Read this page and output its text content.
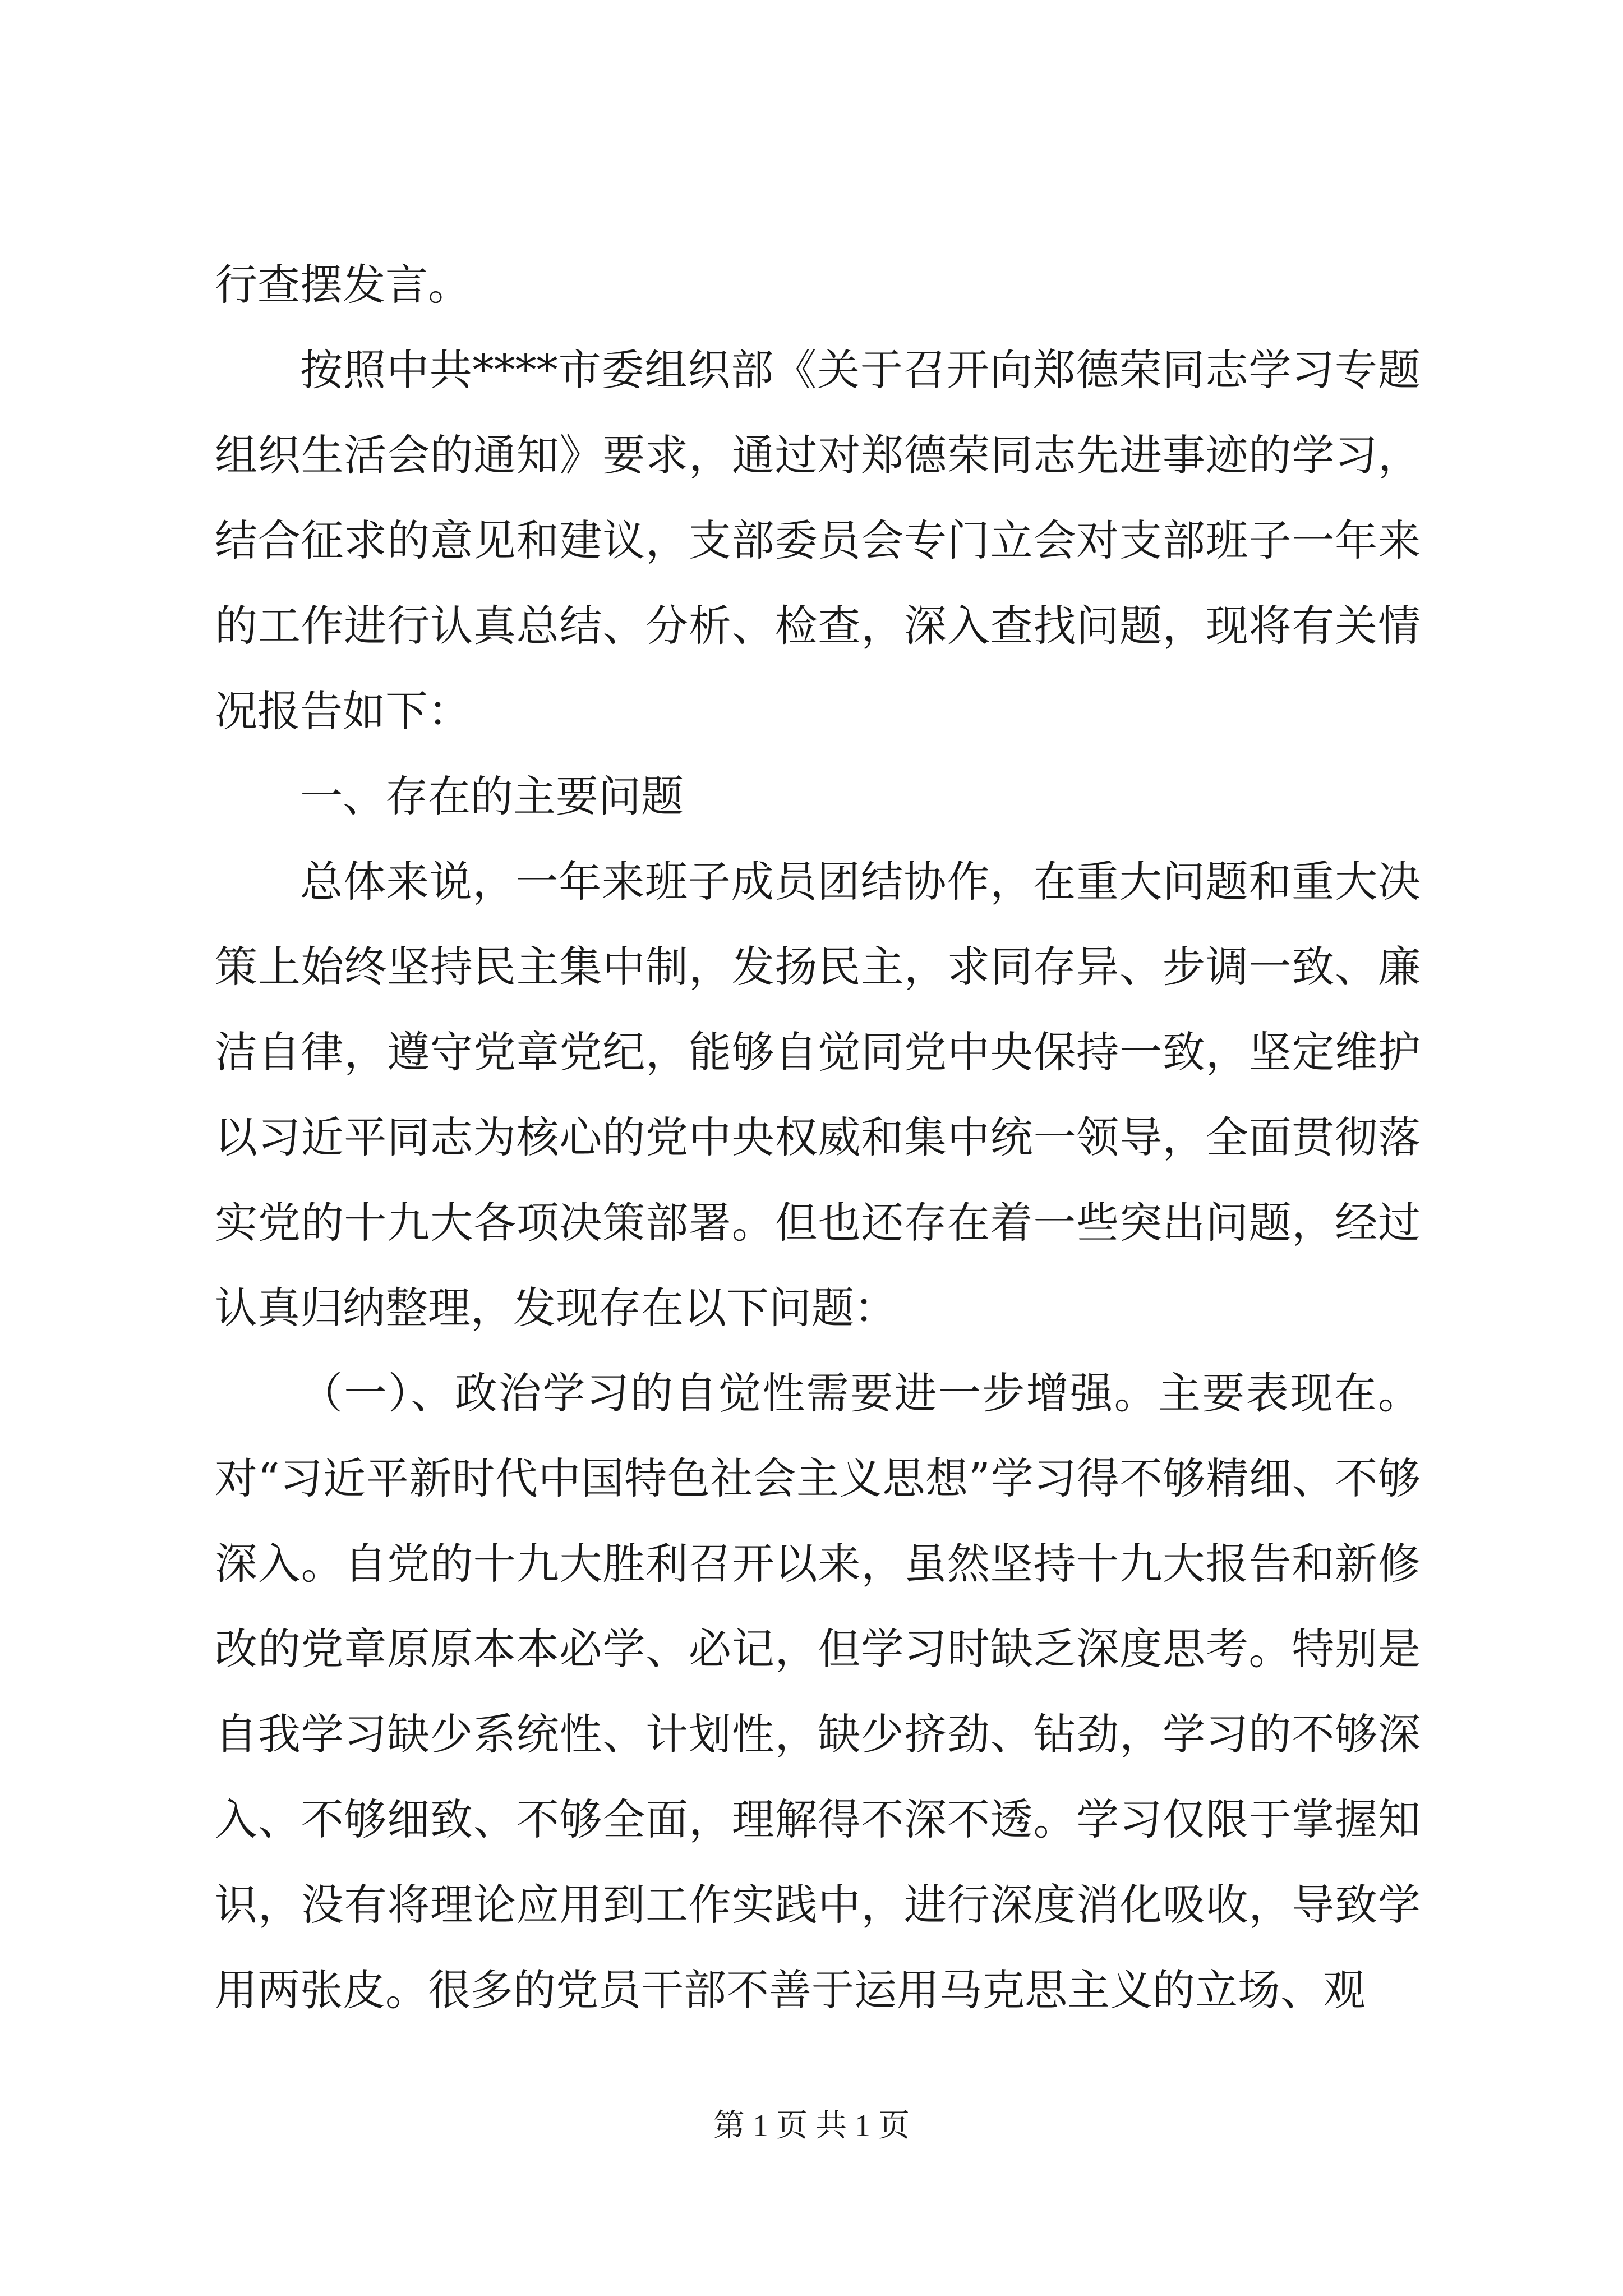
行查摆发言。

按照中共****市委组织部《关于召开向郑德荣同志学习专题组织生活会的通知》要求，通过对郑德荣同志先进事迹的学习，结合征求的意见和建议，支部委员会专门立会对支部班子一年来的工作进行认真总结、分析、检查，深入查找问题，现将有关情况报告如下：

一、存在的主要问题

总体来说，一年来班子成员团结协作，在重大问题和重大决策上始终坚持民主集中制，发扬民主，求同存异、步调一致、廉洁自律，遵守党章党纪，能够自觉同党中央保持一致，坚定维护以习近平同志为核心的党中央权威和集中统一领导，全面贯彻落实党的十九大各项决策部署。但也还存在着一些突出问题，经过认真归纳整理，发现存在以下问题：

（一）、政治学习的自觉性需要进一步增强。主要表现在。对“习近平新时代中国特色社会主义思想”学习得不够精细、不够深入。自党的十九大胜利召开以来，虽然坚持十九大报告和新修改的党章原原本本必学、必记，但学习时缺乏深度思考。特别是自我学习缺少系统性、计划性，缺少挤劲、钻劲，学习的不够深入、不够细致、不够全面，理解得不深不透。学习仅限于掌握知识，没有将理论应用到工作实践中，进行深度消化吸收，导致学用两张皮。很多的党员干部不善于运用马克思主义的立场、观

第 1 页 共 1 页
